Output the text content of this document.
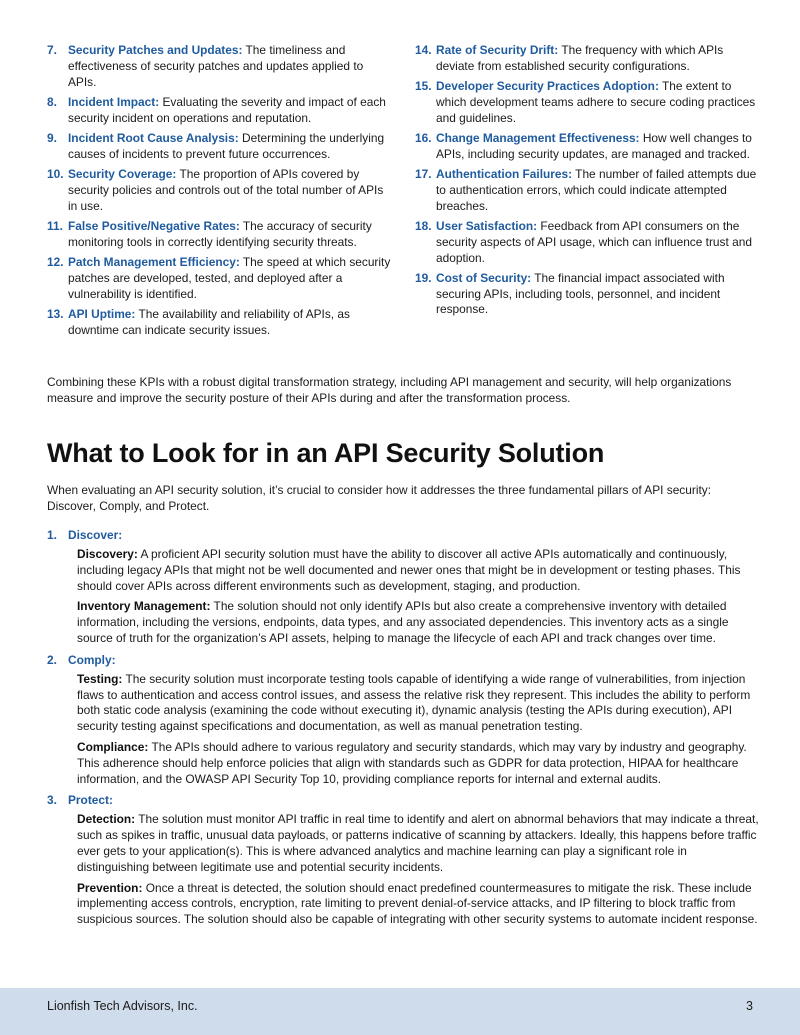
7. Security Patches and Updates: The timeliness and effectiveness of security patches and updates applied to APIs.
8. Incident Impact: Evaluating the severity and impact of each security incident on operations and reputation.
9. Incident Root Cause Analysis: Determining the underlying causes of incidents to prevent future occurrences.
10. Security Coverage: The proportion of APIs covered by security policies and controls out of the total number of APIs in use.
11. False Positive/Negative Rates: The accuracy of security monitoring tools in correctly identifying security threats.
12. Patch Management Efficiency: The speed at which security patches are developed, tested, and deployed after a vulnerability is identified.
13. API Uptime: The availability and reliability of APIs, as downtime can indicate security issues.
14. Rate of Security Drift: The frequency with which APIs deviate from established security configurations.
15. Developer Security Practices Adoption: The extent to which development teams adhere to secure coding practices and guidelines.
16. Change Management Effectiveness: How well changes to APIs, including security updates, are managed and tracked.
17. Authentication Failures: The number of failed attempts due to authentication errors, which could indicate attempted breaches.
18. User Satisfaction: Feedback from API consumers on the security aspects of API usage, which can influence trust and adoption.
19. Cost of Security: The financial impact associated with securing APIs, including tools, personnel, and incident response.

Combining these KPIs with a robust digital transformation strategy, including API management and security, will help organizations measure and improve the security posture of their APIs during and after the transformation process.

What to Look for in an API Security Solution

When evaluating an API security solution, it’s crucial to consider how it addresses the three fundamental pillars of API security: Discover, Comply, and Protect.

1. Discover:

Discovery: A proficient API security solution must have the ability to discover all active APIs automatically and continuously, including legacy APIs that might not be well documented and newer ones that might be in development or testing phases. This should cover APIs across different environments such as development, staging, and production.

Inventory Management: The solution should not only identify APIs but also create a comprehensive inventory with detailed information, including the versions, endpoints, data types, and any associated dependencies. This inventory acts as a single source of truth for the organization’s API assets, helping to manage the lifecycle of each API and track changes over time.

2. Comply:

Testing: The security solution must incorporate testing tools capable of identifying a wide range of vulnerabilities, from injection flaws to authentication and access control issues, and assess the relative risk they represent. This includes the ability to perform both static code analysis (examining the code without executing it), dynamic analysis (testing the APIs during execution), API security testing against specifications and documentation, as well as manual penetration testing.

Compliance: The APIs should adhere to various regulatory and security standards, which may vary by industry and geography. This adherence should help enforce policies that align with standards such as GDPR for data protection, HIPAA for healthcare information, and the OWASP API Security Top 10, providing compliance reports for internal and external audits.

3. Protect:

Detection: The solution must monitor API traffic in real time to identify and alert on abnormal behaviors that may indicate a threat, such as spikes in traffic, unusual data payloads, or patterns indicative of scanning by attackers. Ideally, this happens before traffic ever gets to your application(s). This is where advanced analytics and machine learning can play a significant role in distinguishing between legitimate use and potential security incidents.

Prevention: Once a threat is detected, the solution should enact predefined countermeasures to mitigate the risk. These include implementing access controls, encryption, rate limiting to prevent denial-of-service attacks, and IP filtering to block traffic from suspicious sources. The solution should also be capable of integrating with other security systems to automate incident response.

Lionfish Tech Advisors, Inc.	3
